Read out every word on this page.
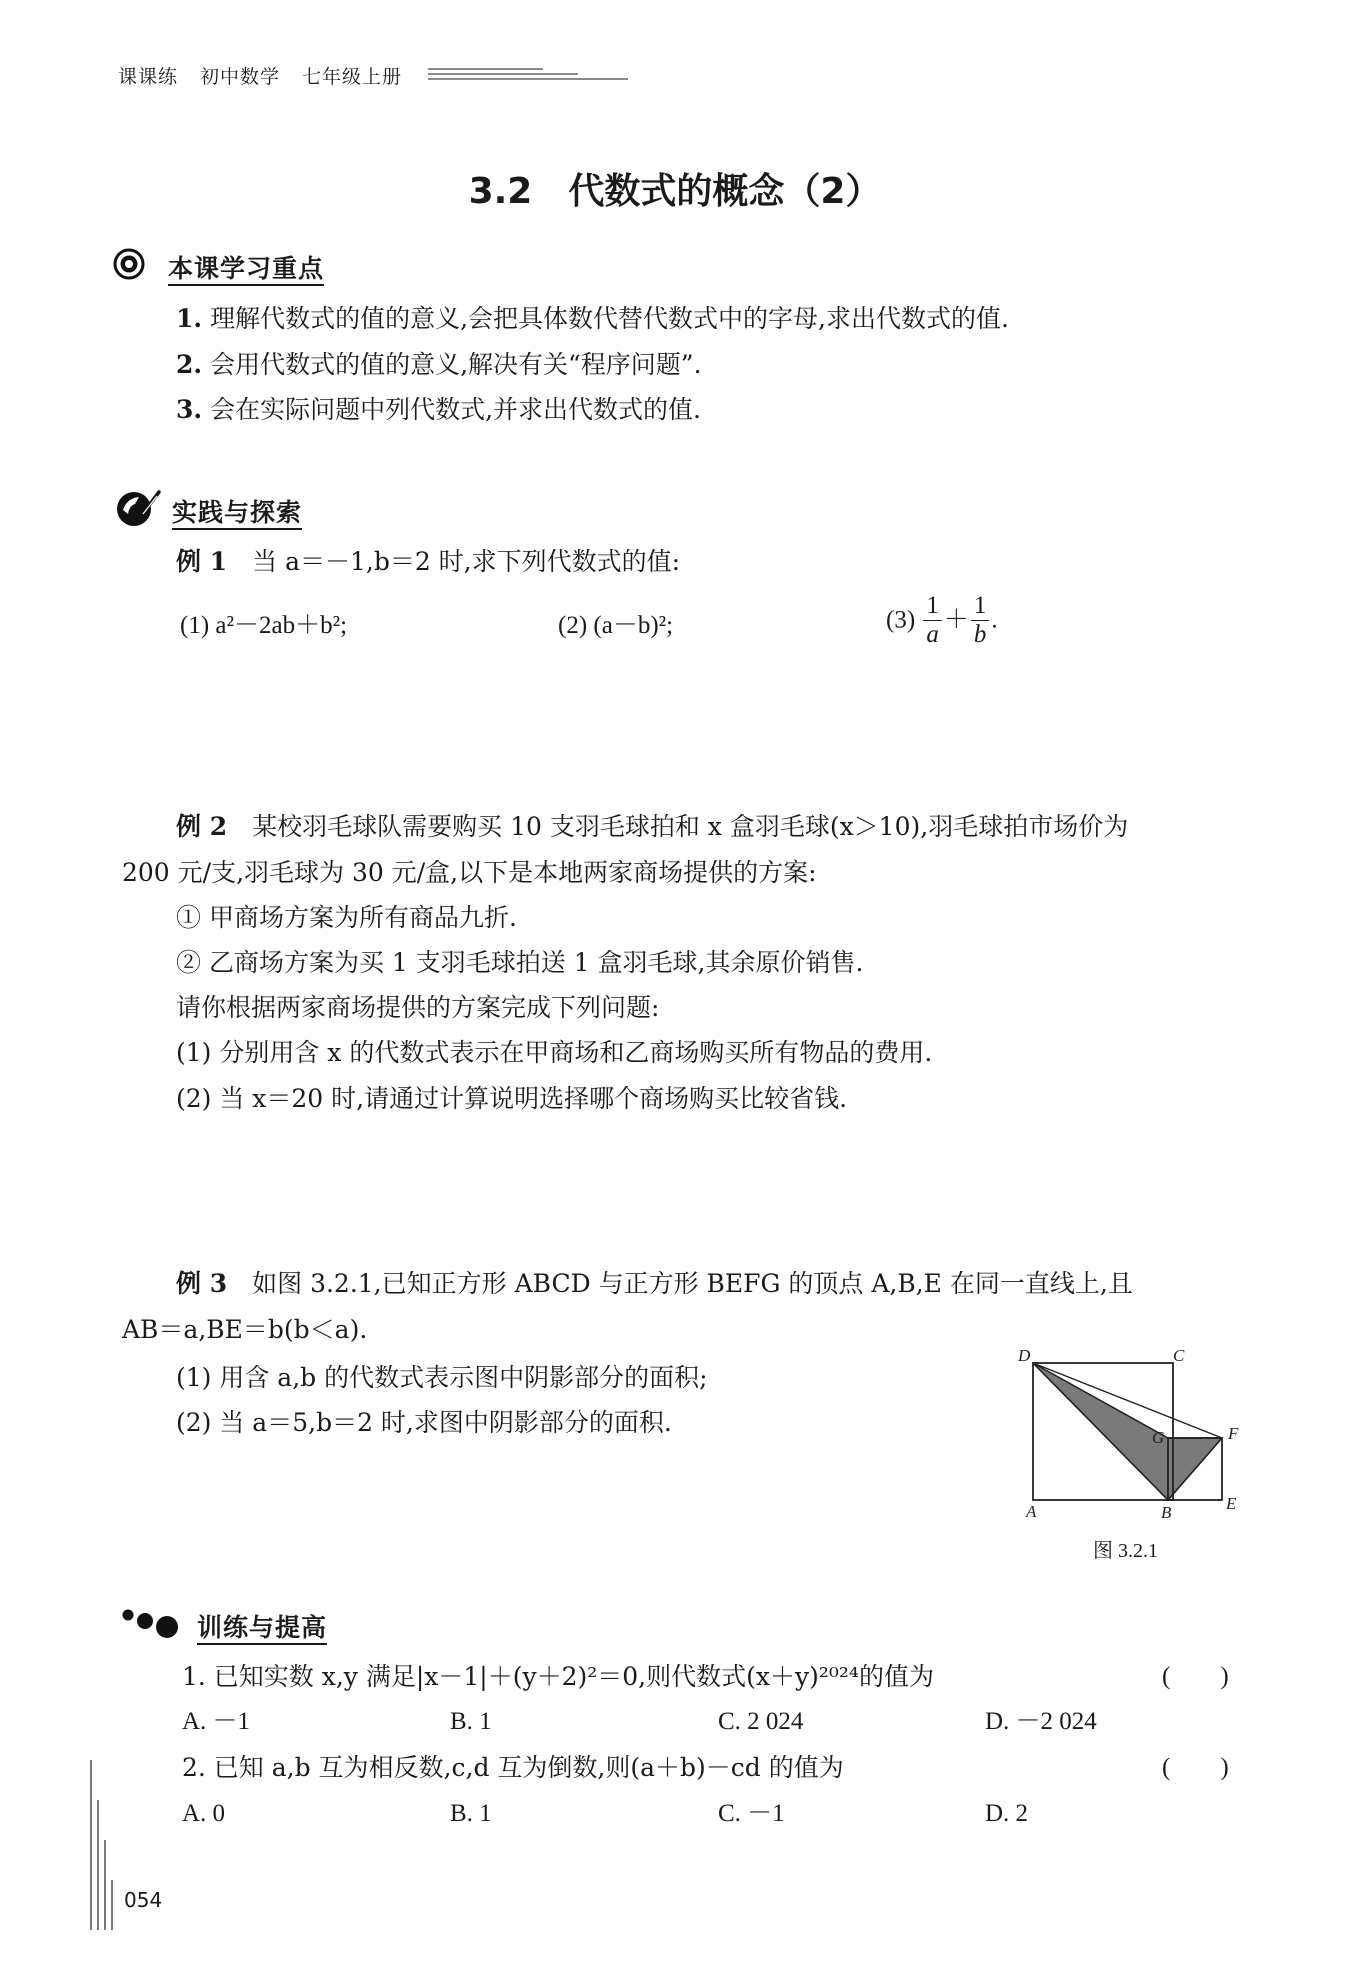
课课练 初中数学 七年级上册
3.2　代数式的概念（2）
本课学习重点
1. 理解代数式的值的意义,会把具体数代替代数式中的字母,求出代数式的值.
2. 会用代数式的值的意义,解决有关“程序问题”.
3. 会在实际问题中列代数式,并求出代数式的值.
实践与探索
例 1　 当 a＝－1,b＝2 时,求下列代数式的值:
(1) a²－2ab＋b²;	(2) (a－b)²;	$(3) \frac{1}{a} + \frac{1}{b}$ .
例 2　 某校羽毛球队需要购买 10 支羽毛球拍和 x 盒羽毛球(x＞10),羽毛球拍市场价为
200 元/支,羽毛球为 30 元/盒,以下是本地两家商场提供的方案:
① 甲商场方案为所有商品九折.
② 乙商场方案为买 1 支羽毛球拍送 1 盒羽毛球,其余原价销售.
请你根据两家商场提供的方案完成下列问题:
(1) 分别用含 x 的代数式表示在甲商场和乙商场购买所有物品的费用.
(2) 当 x＝20 时,请通过计算说明选择哪个商场购买比较省钱.
例 3　 如图 3.2.1,已知正方形 ABCD 与正方形 BEFG 的顶点 A,B,E 在同一直线上,且
AB＝a,BE＝b(b＜a).
(1) 用含 a,b 的代数式表示图中阴影部分的面积;
(2) 当 a＝5,b＝2 时,求图中阴影部分的面积.
D	C
G	F
A	B	E
图 3.2.1
训练与提高
1. 已知实数 x,y 满足|x－1|＋(y＋2)²＝0,则代数式(x＋y)²⁰²⁴的值为	(　　)
A. －1	B. 1	C. 2 024	D. －2 024
2. 已知 a,b 互为相反数,c,d 互为倒数,则(a＋b)－cd 的值为	(　　)
A. 0	B. 1	C. －1	D. 2
054
